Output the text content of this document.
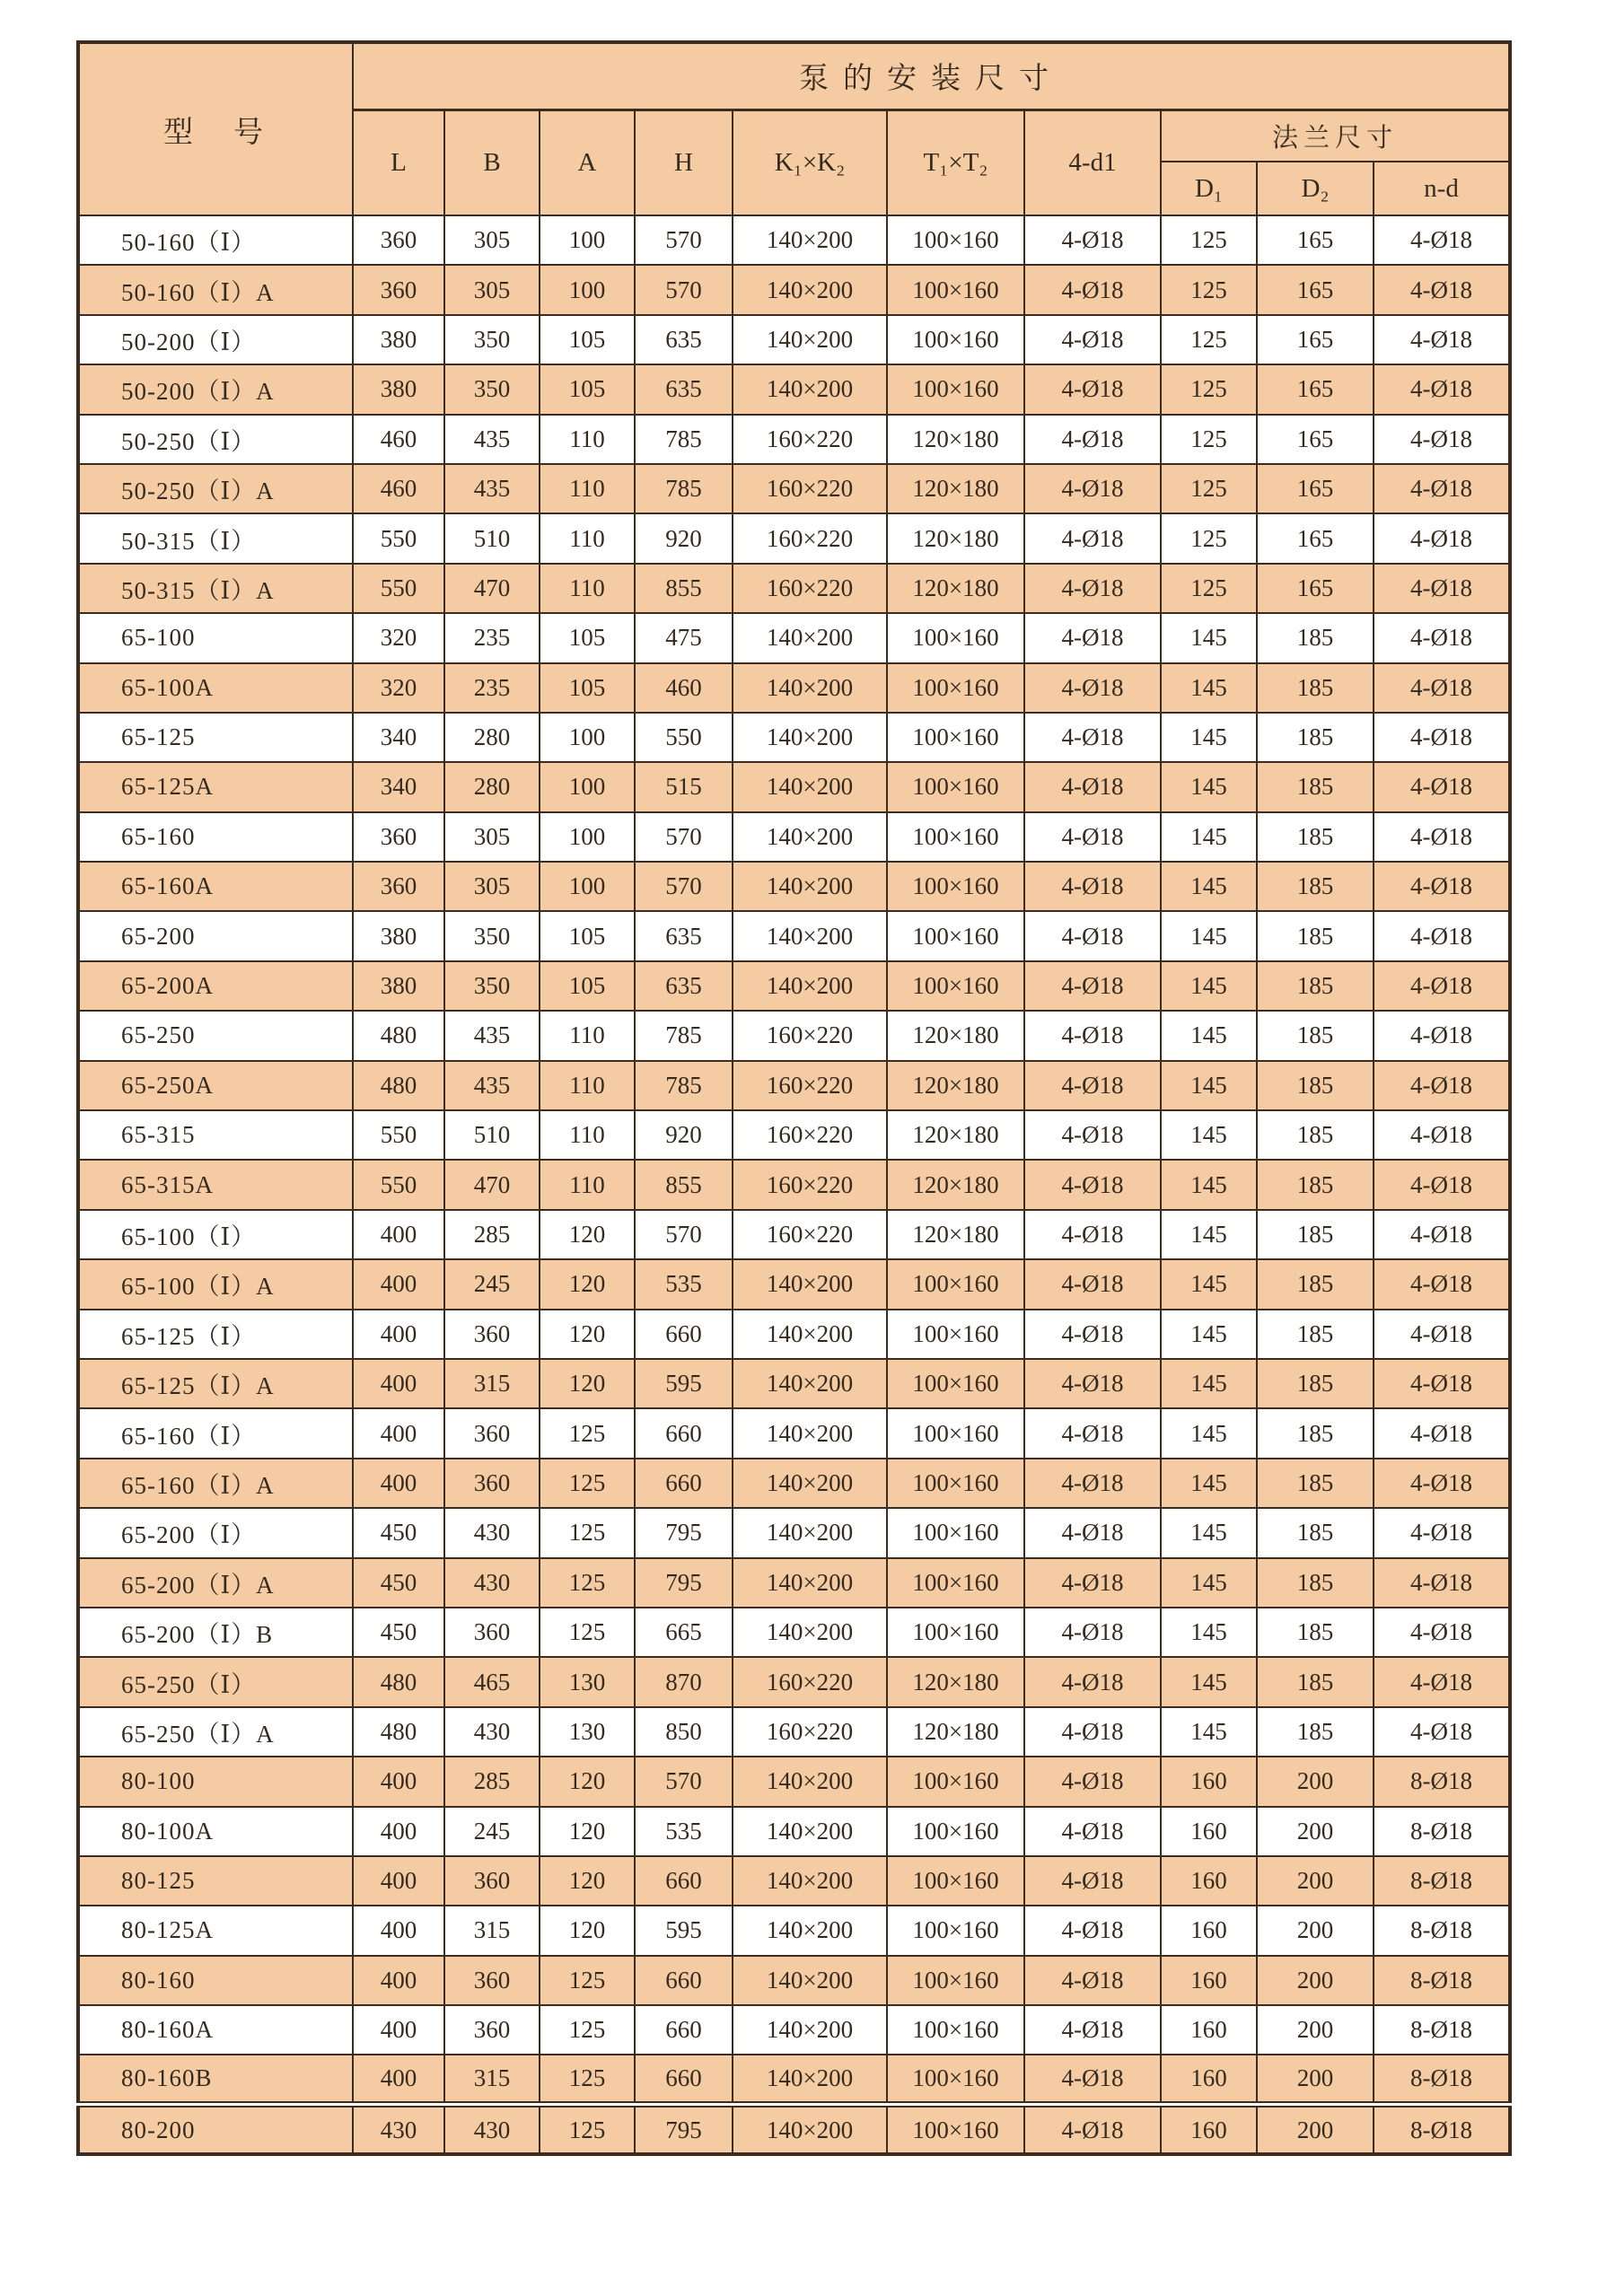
型　号	泵的安装尺寸									
	L	B	A	H	K₁×K₂	T₁×T₂	4-d1	法兰尺寸		
								D₁	D₂	n-d
50-160（Ⅰ）	360	305	100	570	140×200	100×160	4-Ø18	125	165	4-Ø18
50-160（Ⅰ）A	360	305	100	570	140×200	100×160	4-Ø18	125	165	4-Ø18
50-200（Ⅰ）	380	350	105	635	140×200	100×160	4-Ø18	125	165	4-Ø18
50-200（Ⅰ）A	380	350	105	635	140×200	100×160	4-Ø18	125	165	4-Ø18
50-250（Ⅰ）	460	435	110	785	160×220	120×180	4-Ø18	125	165	4-Ø18
50-250（Ⅰ）A	460	435	110	785	160×220	120×180	4-Ø18	125	165	4-Ø18
50-315（Ⅰ）	550	510	110	920	160×220	120×180	4-Ø18	125	165	4-Ø18
50-315（Ⅰ）A	550	470	110	855	160×220	120×180	4-Ø18	125	165	4-Ø18
65-100	320	235	105	475	140×200	100×160	4-Ø18	145	185	4-Ø18
65-100A	320	235	105	460	140×200	100×160	4-Ø18	145	185	4-Ø18
65-125	340	280	100	550	140×200	100×160	4-Ø18	145	185	4-Ø18
65-125A	340	280	100	515	140×200	100×160	4-Ø18	145	185	4-Ø18
65-160	360	305	100	570	140×200	100×160	4-Ø18	145	185	4-Ø18
65-160A	360	305	100	570	140×200	100×160	4-Ø18	145	185	4-Ø18
65-200	380	350	105	635	140×200	100×160	4-Ø18	145	185	4-Ø18
65-200A	380	350	105	635	140×200	100×160	4-Ø18	145	185	4-Ø18
65-250	480	435	110	785	160×220	120×180	4-Ø18	145	185	4-Ø18
65-250A	480	435	110	785	160×220	120×180	4-Ø18	145	185	4-Ø18
65-315	550	510	110	920	160×220	120×180	4-Ø18	145	185	4-Ø18
65-315A	550	470	110	855	160×220	120×180	4-Ø18	145	185	4-Ø18
65-100（Ⅰ）	400	285	120	570	160×220	120×180	4-Ø18	145	185	4-Ø18
65-100（Ⅰ）A	400	245	120	535	140×200	100×160	4-Ø18	145	185	4-Ø18
65-125（Ⅰ）	400	360	120	660	140×200	100×160	4-Ø18	145	185	4-Ø18
65-125（Ⅰ）A	400	315	120	595	140×200	100×160	4-Ø18	145	185	4-Ø18
65-160（Ⅰ）	400	360	125	660	140×200	100×160	4-Ø18	145	185	4-Ø18
65-160（Ⅰ）A	400	360	125	660	140×200	100×160	4-Ø18	145	185	4-Ø18
65-200（Ⅰ）	450	430	125	795	140×200	100×160	4-Ø18	145	185	4-Ø18
65-200（Ⅰ）A	450	430	125	795	140×200	100×160	4-Ø18	145	185	4-Ø18
65-200（Ⅰ）B	450	360	125	665	140×200	100×160	4-Ø18	145	185	4-Ø18
65-250（Ⅰ）	480	465	130	870	160×220	120×180	4-Ø18	145	185	4-Ø18
65-250（Ⅰ）A	480	430	130	850	160×220	120×180	4-Ø18	145	185	4-Ø18
80-100	400	285	120	570	140×200	100×160	4-Ø18	160	200	8-Ø18
80-100A	400	245	120	535	140×200	100×160	4-Ø18	160	200	8-Ø18
80-125	400	360	120	660	140×200	100×160	4-Ø18	160	200	8-Ø18
80-125A	400	315	120	595	140×200	100×160	4-Ø18	160	200	8-Ø18
80-160	400	360	125	660	140×200	100×160	4-Ø18	160	200	8-Ø18
80-160A	400	360	125	660	140×200	100×160	4-Ø18	160	200	8-Ø18
80-160B	400	315	125	660	140×200	100×160	4-Ø18	160	200	8-Ø18
80-200	430	430	125	795	140×200	100×160	4-Ø18	160	200	8-Ø18
